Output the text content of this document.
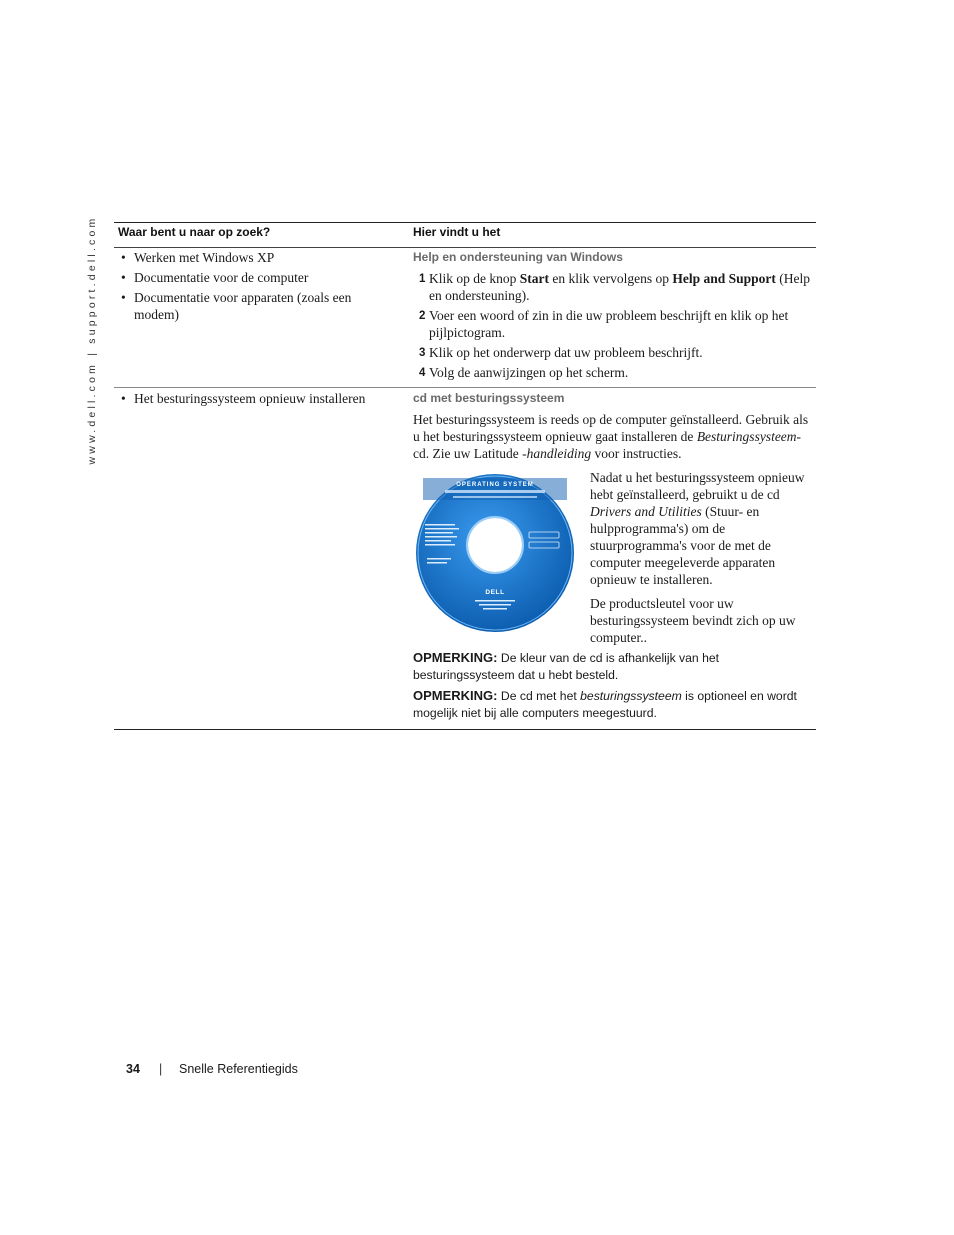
www.dell.com | support.dell.com Waar bent u naar op zoek?	Hier vindt u het
• Werken met Windows XP
• Documentatie voor de computer
• Documentatie voor apparaten (zoals een modem)
Help en ondersteuning van Windows
1 Klik op de knop Start en klik vervolgens op Help and Support (Help en ondersteuning).
2 Voer een woord of zin in die uw probleem beschrijft en klik op het pijlpictogram.
3 Klik op het onderwerp dat uw probleem beschrijft.
4 Volg de aanwijzingen op het scherm.
• Het besturingssysteem opnieuw installeren	cd met besturingssysteem
Het besturingssysteem is reeds op de computer geïnstalleerd. Gebruik als u het besturingssysteem opnieuw gaat installeren de Besturingssysteem-cd. Zie uw Latitude -handleiding voor instructies.
OPERATING SYSTEM
DELL
Nadat u het besturingssysteem opnieuw hebt geïnstalleerd, gebruikt u de cd Drivers and Utilities (Stuur- en hulpprogramma's) om de stuurprogramma's voor de met de computer meegeleverde apparaten opnieuw te installeren.
De productsleutel voor uw besturingssysteem bevindt zich op uw computer..
OPMERKING: De kleur van de cd is afhankelijk van het besturingssysteem dat u hebt besteld.
OPMERKING: De cd met het besturingssysteem is optioneel en wordt mogelijk niet bij alle computers meegestuurd.
34 | Snelle Referentiegids
